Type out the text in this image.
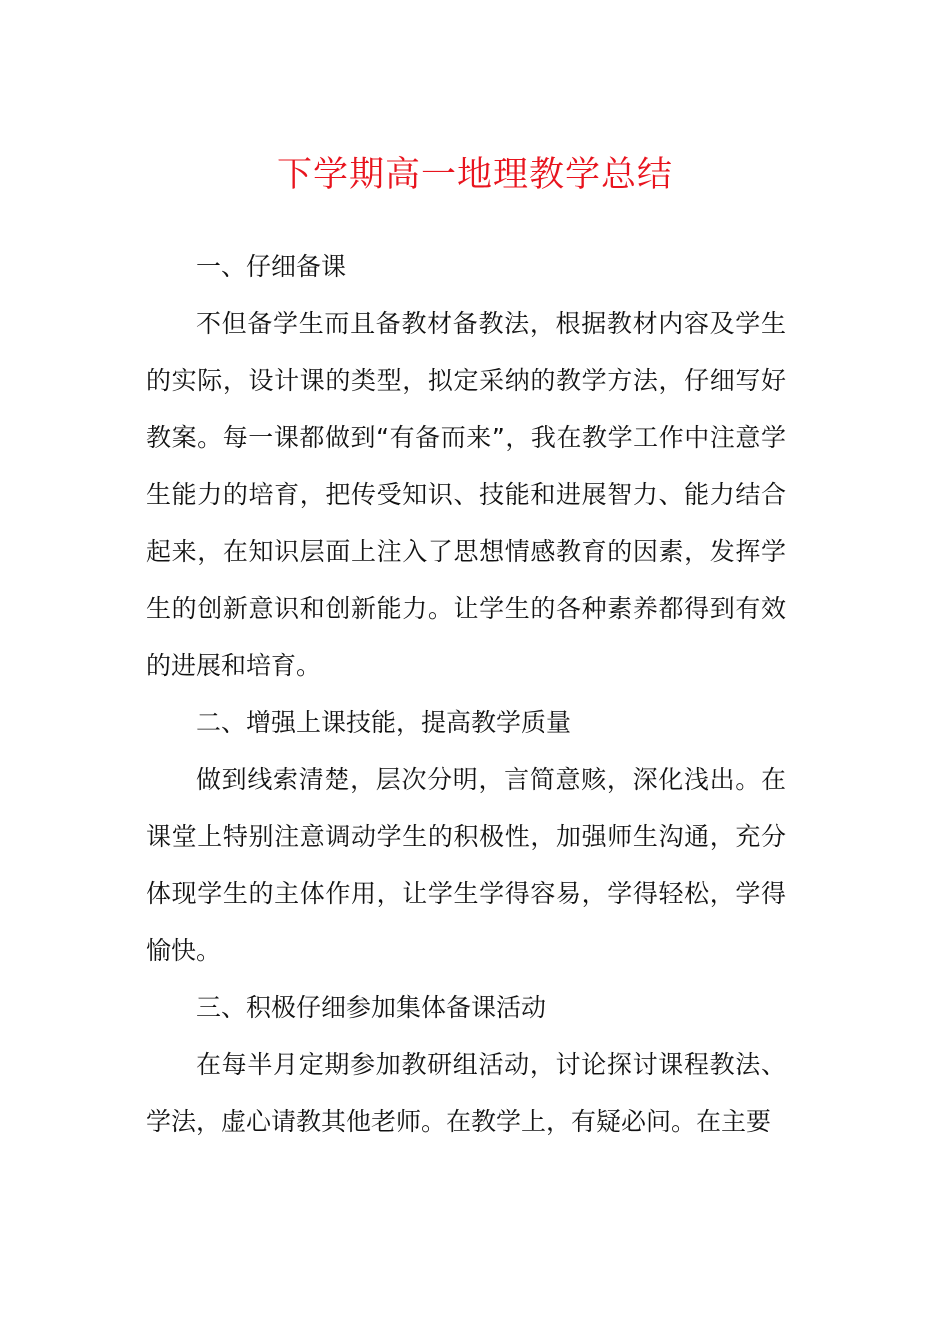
下学期高一地理教学总结

一、仔细备课

不但备学生而且备教材备教法，根据教材内容及学生的实际，设计课的类型，拟定采纳的教学方法，仔细写好教案。每一课都做到“有备而来”，我在教学工作中注意学生能力的培育，把传受知识、技能和进展智力、能力结合起来，在知识层面上注入了思想情感教育的因素，发挥学生的创新意识和创新能力。让学生的各种素养都得到有效的进展和培育。

二、增强上课技能，提高教学质量

做到线索清楚，层次分明，言简意赅，深化浅出。在课堂上特别注意调动学生的积极性，加强师生沟通，充分体现学生的主体作用，让学生学得容易，学得轻松，学得愉快。

三、积极仔细参加集体备课活动

在每半月定期参加教研组活动，讨论探讨课程教法、学法，虚心请教其他老师。在教学上，有疑必问。在主要
